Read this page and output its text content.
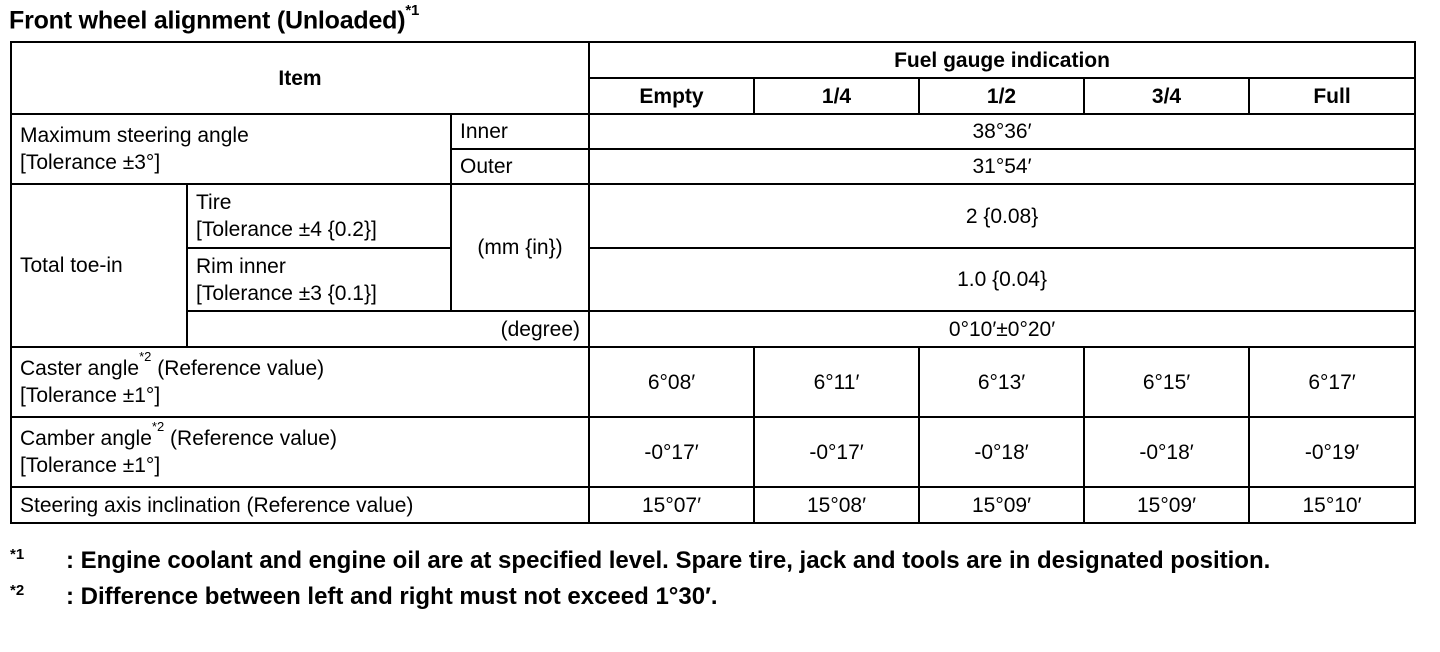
Front wheel alignment (Unloaded)$^{*1}$
Item			Fuel gauge indication				
			Empty	1/4	1/2	3/4	Full

Maximum steering angle
[Tolerance ±3°]		Inner	38°36′				
		Outer	31°54′				
Total toe-in	Tire
[Tolerance ±4 {0.2}]	(mm {in})	2 {0.08}				

	Rim inner
[Tolerance ±3 {0.1}]		1.0 {0.04}				
	(degree)		0°10′±0°20′				

Caster angle$^{*2}$ (Reference value)
[Tolerance ±1°]			6°08′	6°11′	6°13′	6°15′	6°17′

Camber angle$^{*2}$ (Reference value)
[Tolerance ±1°]			-0°17′	-0°17′	-0°18′	-0°18′	-0°19′
Steering axis inclination (Reference value)			15°07′	15°08′	15°09′	15°09′	15°10′
$^{*1}$	: Engine coolant and engine oil are at specified level. Spare tire, jack and tools are in designated position.
$^{*2}$	: Difference between left and right must not exceed 1°30′.
